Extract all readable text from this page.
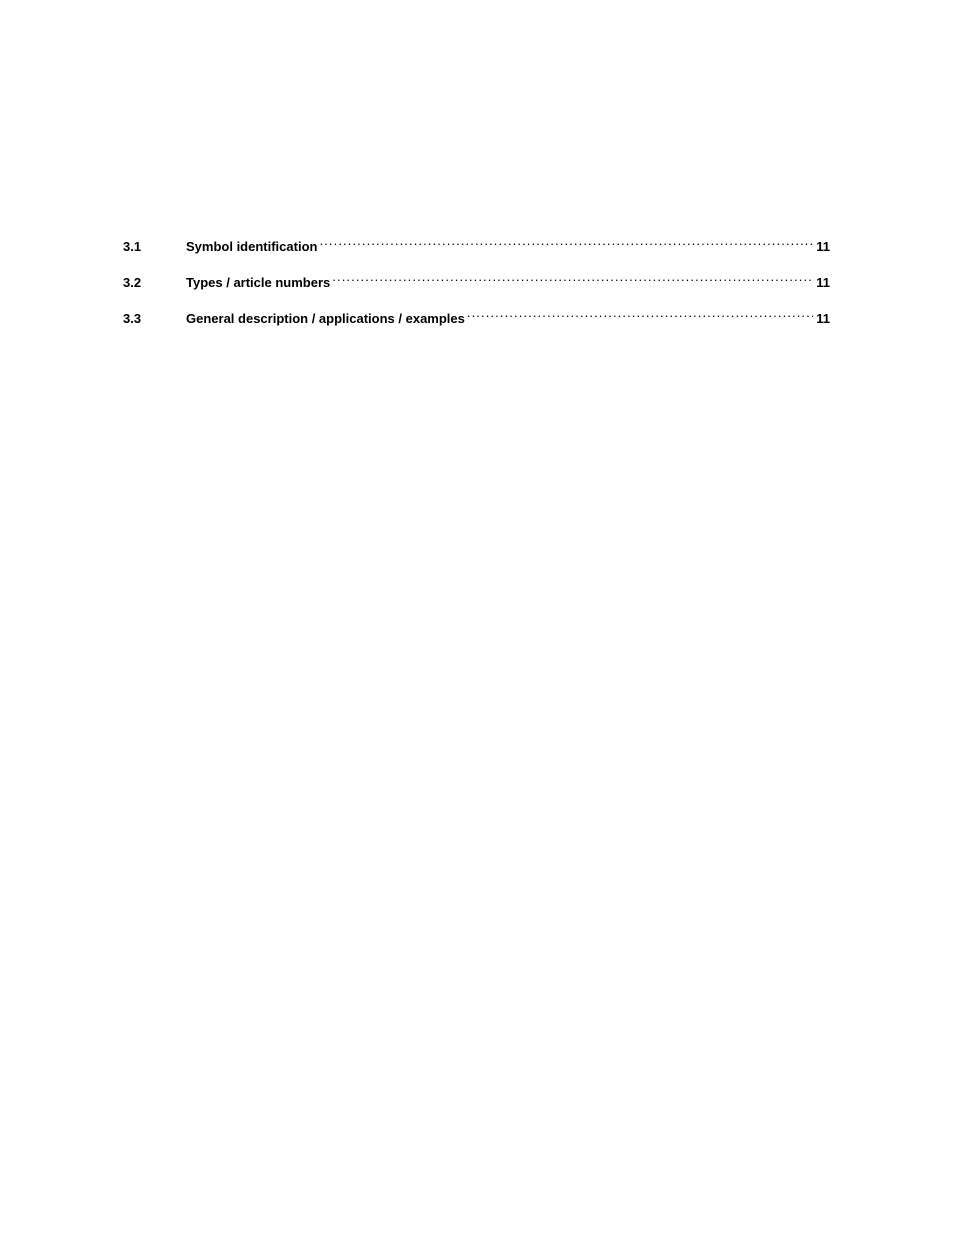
3.1	Symbol identification .....	11
3.2	Types / article numbers .....	11
3.3	General description / applications / examples .....	11
